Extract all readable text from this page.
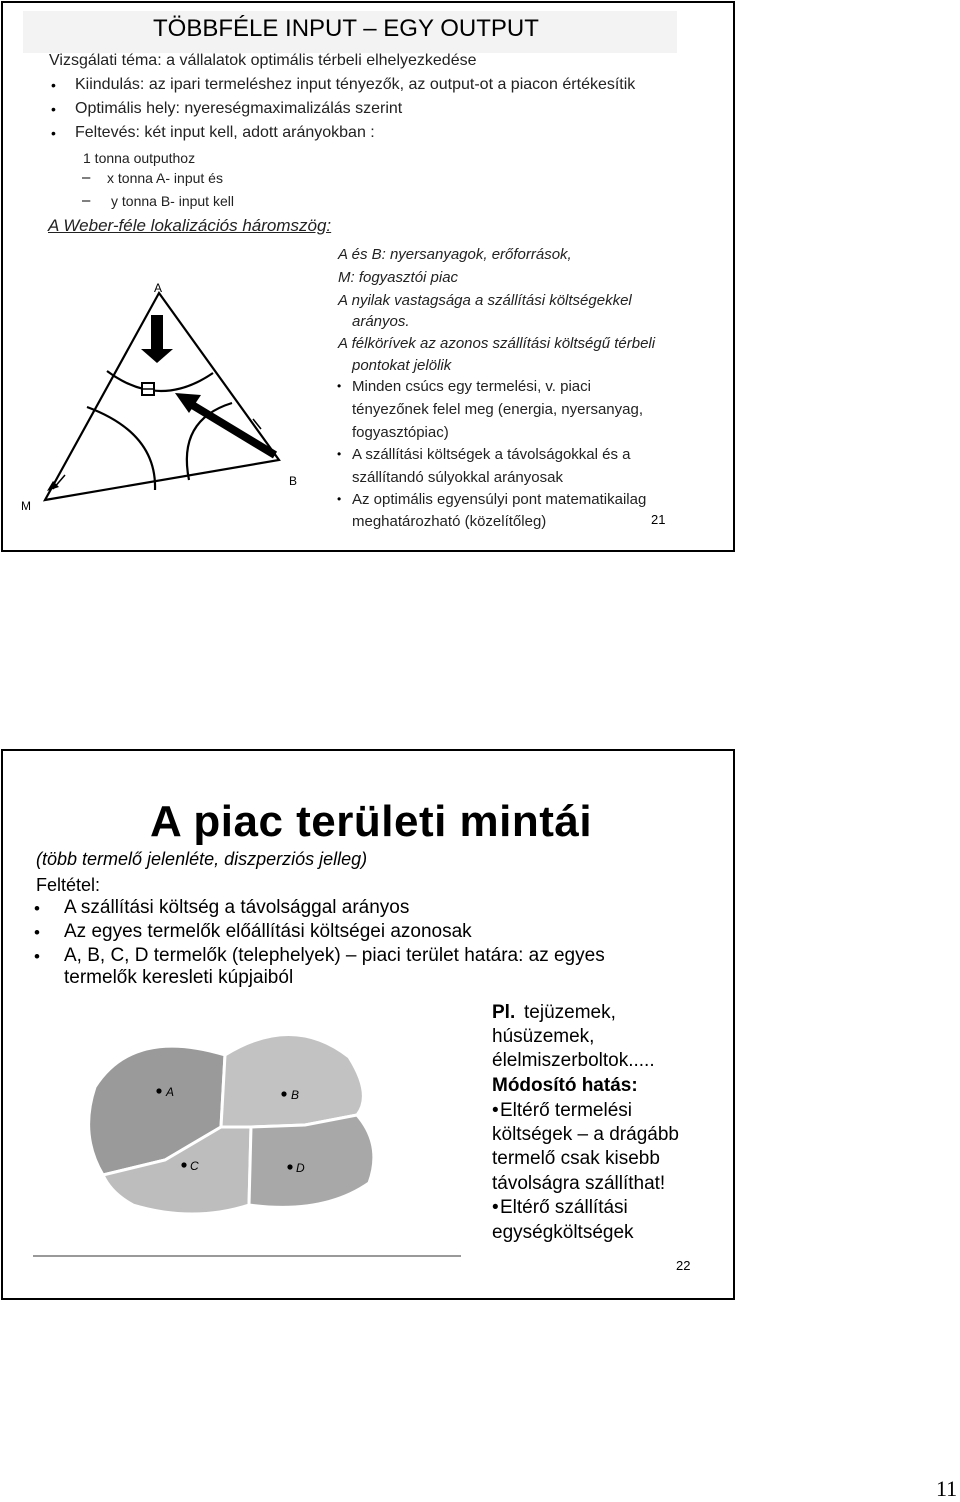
TÖBBFÉLE INPUT – EGY OUTPUT
Vizsgálati téma: a vállalatok optimális térbeli elhelyezkedése
• Kiindulás: az ipari termeléshez input tényezők, az output-ot a piacon értékesítik
• Optimális hely: nyereségmaximalizálás szerint
• Feltevés: két input kell, adott arányokban :
1 tonna outputhoz
– x tonna A- input és
– y tonna B- input kell
A Weber-féle lokalizációs háromszög:
A és B: nyersanyagok, erőforrások,
M: fogyasztói piac
A nyilak vastagsága a szállítási költségekkel
arányos.
A félkörívek az azonos szállítási költségű térbeli
pontokat jelölik
• Minden csúcs egy termelési, v. piaci
tényezőnek felel meg (energia, nyersanyag,
fogyasztópiac)
• A szállítási költségek a távolságokkal és a
szállítandó súlyokkal arányosak
• Az optimális egyensúlyi pont matematikailag
meghatározható (közelítőleg)	21
A
B
M
A piac területi mintái
(több termelő jelenléte, diszperziós jelleg)
Feltétel:
• A szállítási költség a távolsággal arányos
• Az egyes termelők előállítási költségei azonosak
• A, B, C, D termelők (telephelyek) – piaci terület határa: az egyes
termelők keresleti kúpjaiból
Pl. tejüzemek,
húsüzemek,
élelmiszerboltok.....
Módosító hatás:
• Eltérő termelési
költségek – a drágább
termelő csak kisebb
távolságra szállíthat!
• Eltérő szállítási
egységköltségek
22
A	B
C	D
11
